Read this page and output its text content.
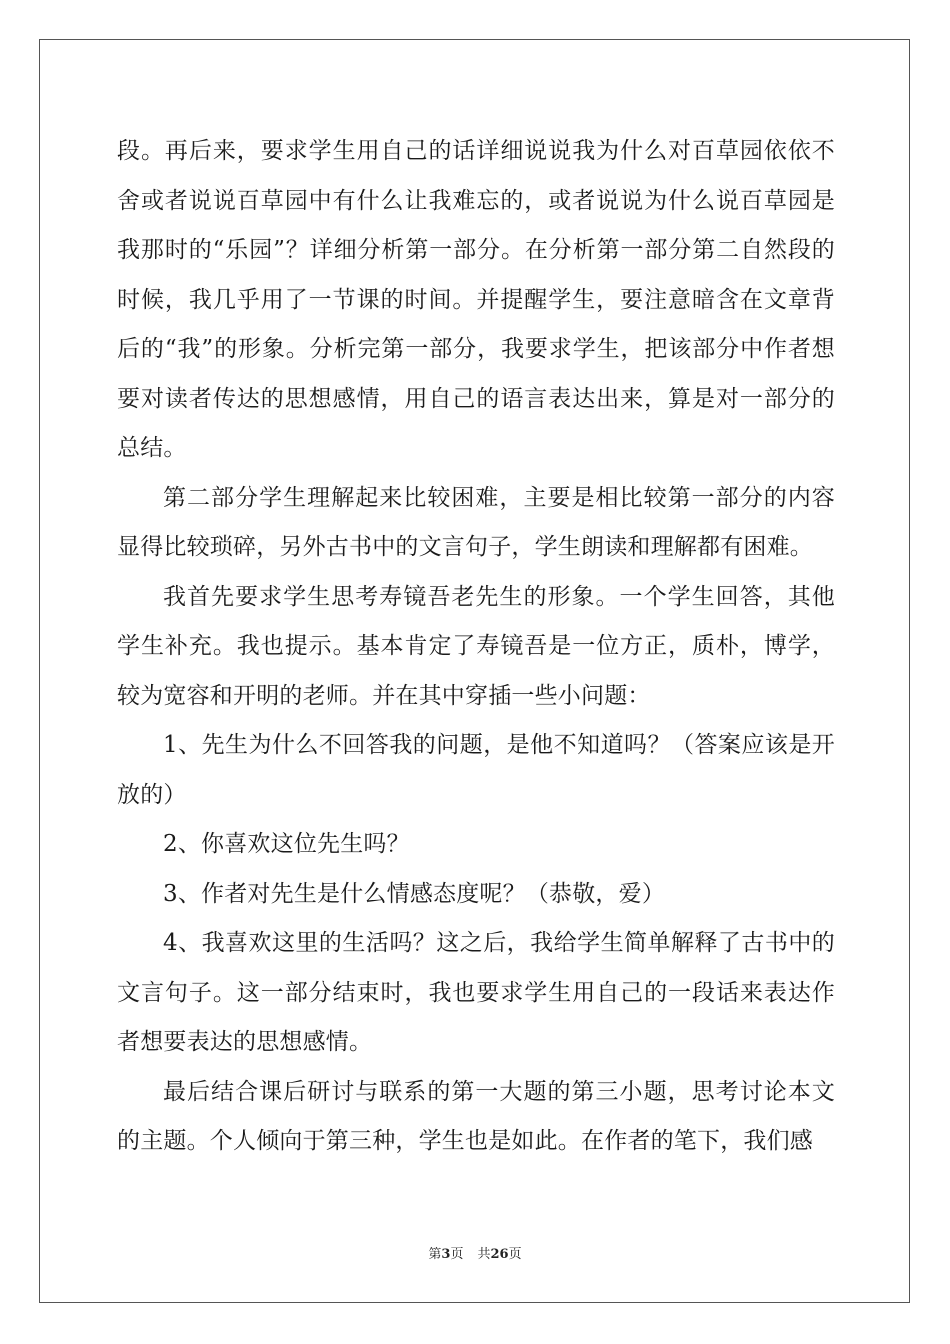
段。再后来，要求学生用自己的话详细说说我为什么对百草园依依不舍或者说说百草园中有什么让我难忘的，或者说说为什么说百草园是我那时的“乐园”？详细分析第一部分。在分析第一部分第二自然段的时候，我几乎用了一节课的时间。并提醒学生，要注意暗含在文章背后的“我”的形象。分析完第一部分，我要求学生，把该部分中作者想要对读者传达的思想感情，用自己的语言表达出来，算是对一部分的总结。

第二部分学生理解起来比较困难，主要是相比较第一部分的内容显得比较琐碎，另外古书中的文言句子，学生朗读和理解都有困难。

我首先要求学生思考寿镜吾老先生的形象。一个学生回答，其他学生补充。我也提示。基本肯定了寿镜吾是一位方正，质朴，博学，较为宽容和开明的老师。并在其中穿插一些小问题：

1、先生为什么不回答我的问题，是他不知道吗？（答案应该是开放的）

2、你喜欢这位先生吗？

3、作者对先生是什么情感态度呢？（恭敬，爱）

4、我喜欢这里的生活吗？这之后，我给学生简单解释了古书中的文言句子。这一部分结束时，我也要求学生用自己的一段话来表达作者想要表达的思想感情。

最后结合课后研讨与联系的第一大题的第三小题，思考讨论本文的主题。个人倾向于第三种，学生也是如此。在作者的笔下，我们感

第3页 共26页
